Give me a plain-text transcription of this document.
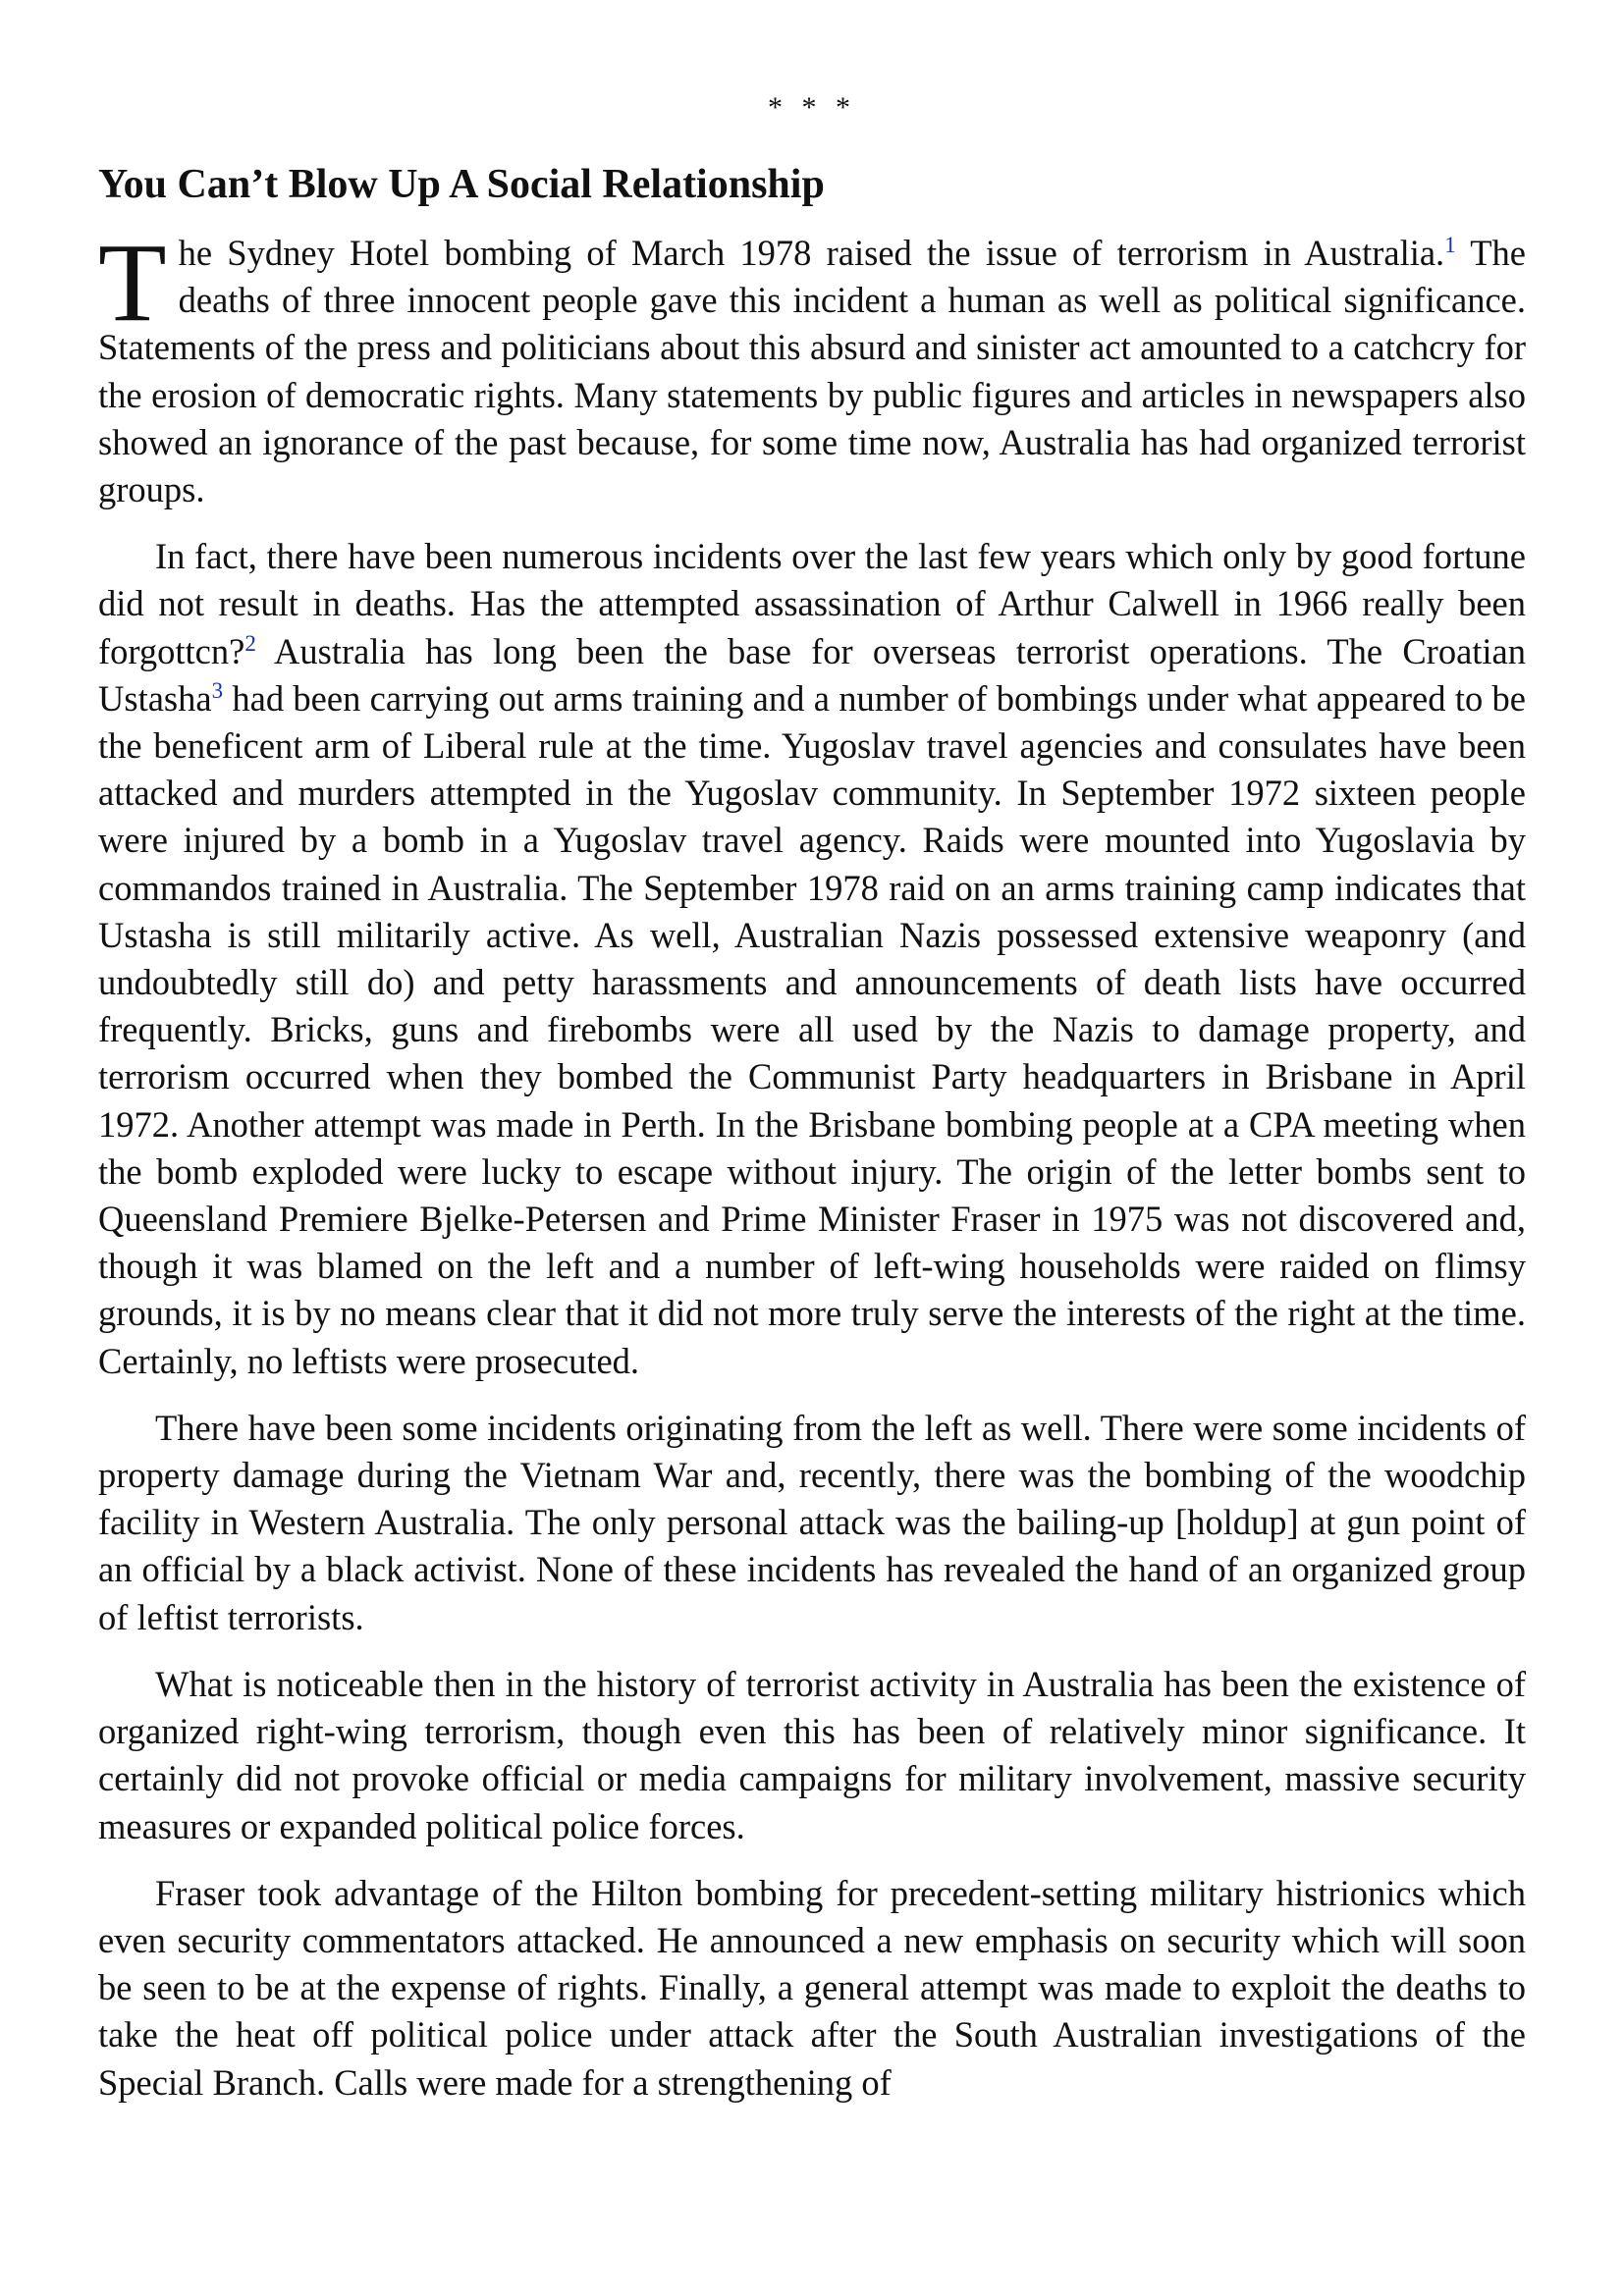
* * *
You Can’t Blow Up A Social Relationship

The Sydney Hotel bombing of March 1978 raised the issue of terrorism in Australia.$^1$ The deaths of three innocent people gave this incident a human as well as political significance. Statements of the press and politicians about this absurd and sinister act amounted to a catchcry for the erosion of democratic rights. Many statements by public figures and articles in newspapers also showed an ignorance of the past because, for some time now, Australia has had organized terrorist groups.

In fact, there have been numerous incidents over the last few years which only by good fortune did not result in deaths. Has the attempted assassination of Arthur Calwell in 1966 really been forgottcn?$^2$ Australia has long been the base for overseas terrorist operations. The Croatian Ustasha$^3$ had been carrying out arms training and a number of bombings under what appeared to be the beneficent arm of Liberal rule at the time. Yugoslav travel agencies and consulates have been attacked and murders attempted in the Yugoslav community. In September 1972 sixteen people were injured by a bomb in a Yugoslav travel agency. Raids were mounted into Yugoslavia by commandos trained in Australia. The September 1978 raid on an arms training camp indicates that Ustasha is still militarily active. As well, Australian Nazis possessed extensive weaponry (and undoubtedly still do) and petty harassments and announcements of death lists have occurred frequently. Bricks, guns and firebombs were all used by the Nazis to damage property, and terrorism occurred when they bombed the Communist Party headquarters in Brisbane in April 1972. Another attempt was made in Perth. In the Brisbane bombing people at a CPA meeting when the bomb exploded were lucky to escape without injury. The origin of the letter bombs sent to Queensland Premiere Bjelke-Petersen and Prime Minister Fraser in 1975 was not discovered and, though it was blamed on the left and a number of left-wing households were raided on flimsy grounds, it is by no means clear that it did not more truly serve the interests of the right at the time. Certainly, no leftists were prosecuted.

There have been some incidents originating from the left as well. There were some incidents of property damage during the Vietnam War and, recently, there was the bombing of the woodchip facility in Western Australia. The only personal attack was the bailing-up [holdup] at gun point of an official by a black activist. None of these incidents has revealed the hand of an organized group of leftist terrorists.

What is noticeable then in the history of terrorist activity in Australia has been the existence of organized right-wing terrorism, though even this has been of relatively minor significance. It certainly did not provoke official or media campaigns for military involvement, massive security measures or expanded political police forces.

Fraser took advantage of the Hilton bombing for precedent-setting military histrionics which even security commentators attacked. He announced a new emphasis on security which will soon be seen to be at the expense of rights. Finally, a general attempt was made to exploit the deaths to take the heat off political police under attack after the South Australian investigations of the Special Branch. Calls were made for a strengthening of
